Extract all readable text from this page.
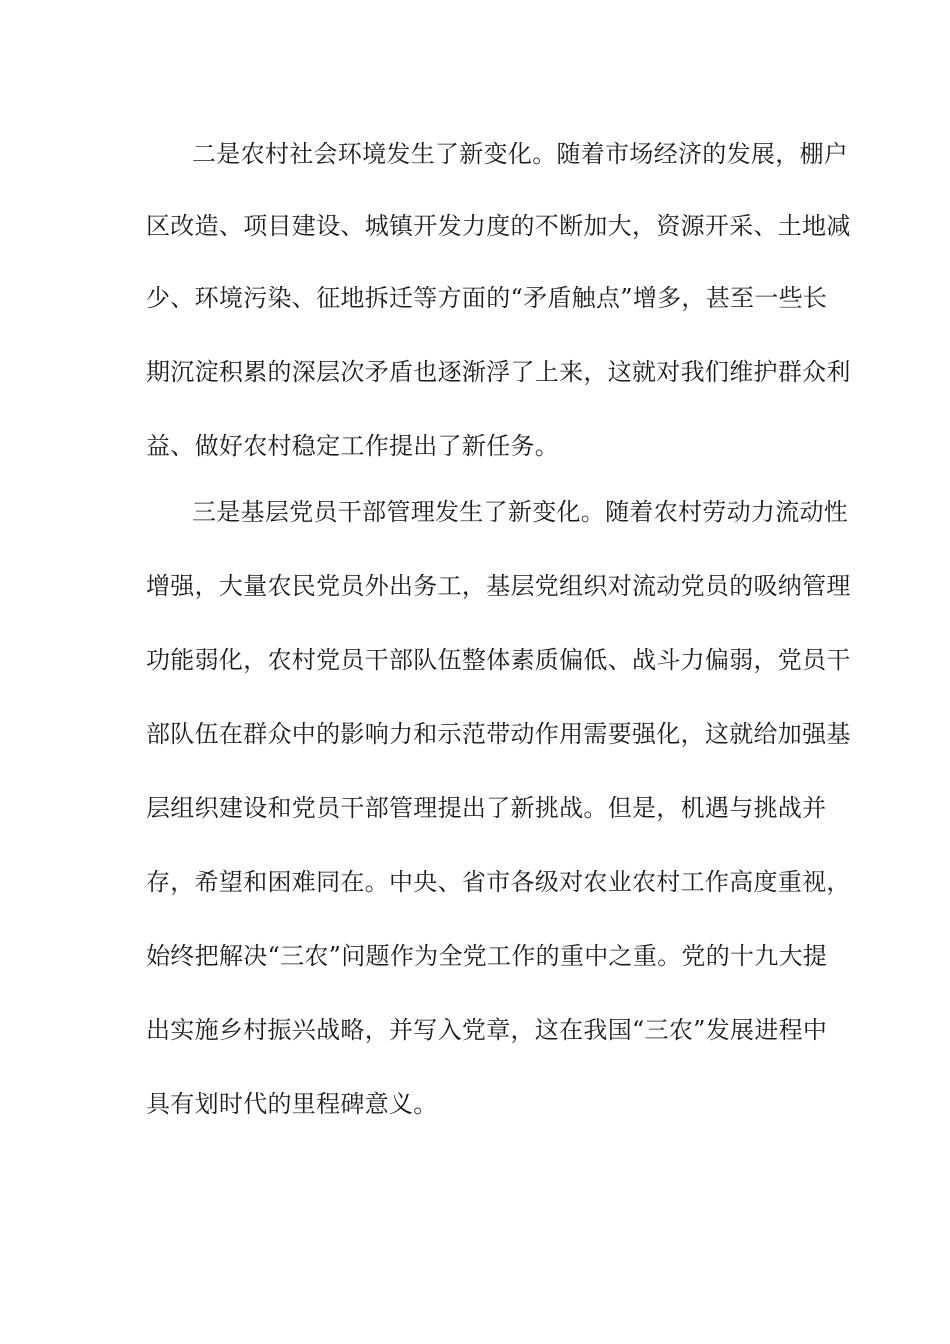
二是农村社会环境发生了新变化。随着市场经济的发展，棚户
区改造、项目建设、城镇开发力度的不断加大，资源开采、土地减
少、环境污染、征地拆迁等方面的“矛盾触点”增多，甚至一些长
期沉淀积累的深层次矛盾也逐渐浮了上来，这就对我们维护群众利
益、做好农村稳定工作提出了新任务。
三是基层党员干部管理发生了新变化。随着农村劳动力流动性
增强，大量农民党员外出务工，基层党组织对流动党员的吸纳管理
功能弱化，农村党员干部队伍整体素质偏低、战斗力偏弱，党员干
部队伍在群众中的影响力和示范带动作用需要强化，这就给加强基
层组织建设和党员干部管理提出了新挑战。但是，机遇与挑战并
存，希望和困难同在。中央、省市各级对农业农村工作高度重视，
始终把解决“三农”问题作为全党工作的重中之重。党的十九大提
出实施乡村振兴战略，并写入党章，这在我国“三农”发展进程中
具有划时代的里程碑意义。
